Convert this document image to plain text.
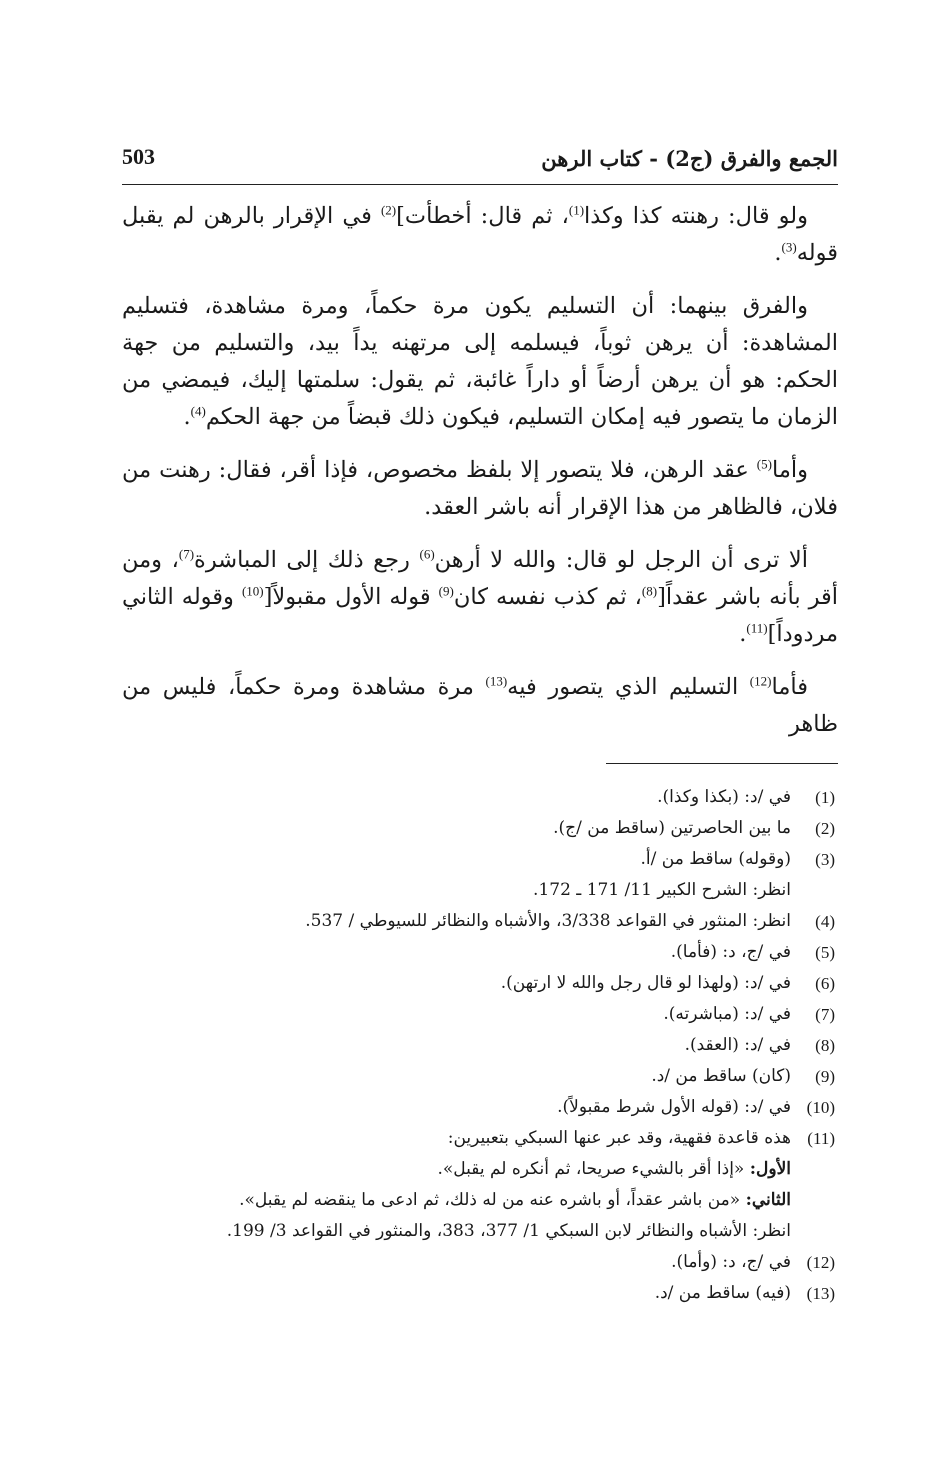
الجمع والفرق (ج2) - كتاب الرهن
503

ولو قال: رهنته كذا وكذا$^{(1)}$، ثم قال: أخطأت]$^{(2)}$ في الإقرار بالرهن لم يقبل قوله$^{(3)}$.

والفرق بينهما: أن التسليم يكون مرة حكماً، ومرة مشاهدة، فتسليم المشاهدة: أن يرهن ثوباً، فيسلمه إلى مرتهنه يداً بيد، والتسليم من جهة الحكم: هو أن يرهن أرضاً أو داراً غائبة، ثم يقول: سلمتها إليك، فيمضي من الزمان ما يتصور فيه إمكان التسليم، فيكون ذلك قبضاً من جهة الحكم$^{(4)}$.

وأما$^{(5)}$ عقد الرهن، فلا يتصور إلا بلفظ مخصوص، فإذا أقر، فقال: رهنت من فلان، فالظاهر من هذا الإقرار أنه باشر العقد.

ألا ترى أن الرجل لو قال: والله لا أرهن$^{(6)}$ رجع ذلك إلى المباشرة$^{(7)}$، ومن أقر بأنه باشر عقداً[$^{(8)}$، ثم كذب نفسه كان$^{(9)}$ قوله الأول مقبولاً[$^{(10)}$ وقوله الثاني مردوداً]$^{(11)}$.

فأما$^{(12)}$ التسليم الذي يتصور فيه$^{(13)}$ مرة مشاهدة ومرة حكماً، فليس من ظاهر

(1)
في /د: (بكذا وكذا).
(2)
ما بين الحاصرتين (ساقط من /ج).
(3)
(وقوله) ساقط من /أ.
انظر: الشرح الكبير 11/ 171 ـ 172.
(4)
انظر: المنثور في القواعد 3/338، والأشباه والنظائر للسيوطي / 537.
(5)
في /ج، د: (فأما).
(6)
في /د: (ولهذا لو قال رجل والله لا ارتهن).
(7)
في /د: (مباشرته).
(8)
في /د: (العقد).
(9)
(كان) ساقط من /د.
(10)
في /د: (قوله الأول شرط مقبولاً).
(11)
هذه قاعدة فقهية، وقد عبر عنها السبكي بتعبيرين:
الأول: «إذا أقر بالشيء صريحا، ثم أنكره لم يقبل».
الثاني: «من باشر عقداً، أو باشره عنه من له ذلك، ثم ادعى ما ينقضه لم يقبل».
انظر: الأشباه والنظائر لابن السبكي 1/ 377، 383، والمنثور في القواعد 3/ 199.
(12)
في /ج، د: (وأما).
(13)
(فيه) ساقط من /د.
